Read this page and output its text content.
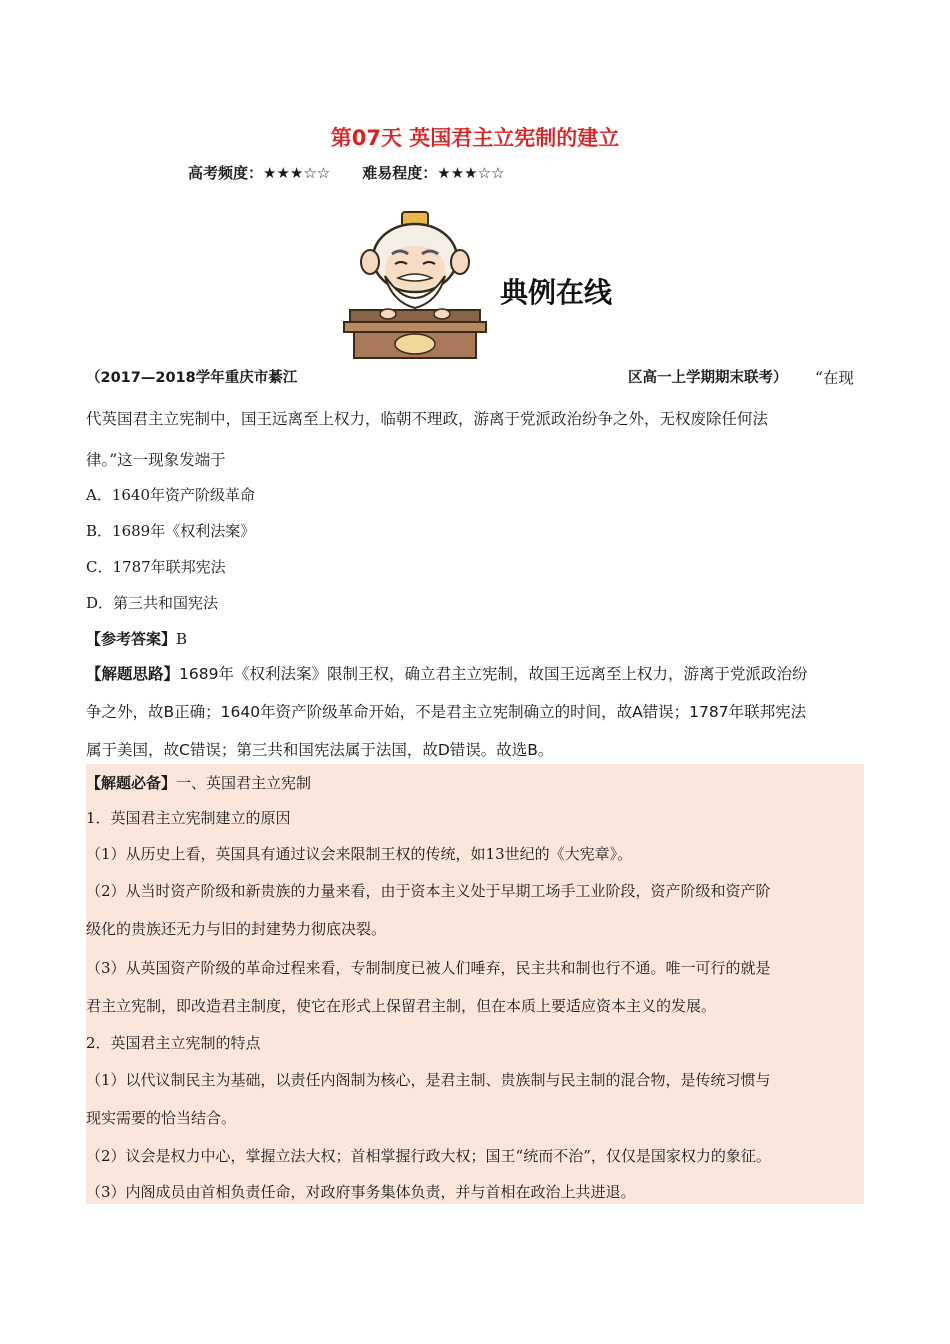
第07天 英国君主立宪制的建立
高考频度：★★★☆☆ 难易程度：★★★☆☆
典例在线
（2017—2018学年重庆市綦江	区高一上学期期末联考） “在现
代英国君主立宪制中，国王远离至上权力，临朝不理政，游离于党派政治纷争之外，无权废除任何法
律。”这一现象发端于
A．1640年资产阶级革命
B．1689年《权利法案》
C．1787年联邦宪法
D．第三共和国宪法
【参考答案】B
【解题思路】1689年《权利法案》限制王权，确立君主立宪制，故国王远离至上权力，游离于党派政治纷
争之外，故B正确；1640年资产阶级革命开始，不是君主立宪制确立的时间，故A错误；1787年联邦宪法
属于美国，故C错误；第三共和国宪法属于法国，故D错误。故选B。
【解题必备】一、英国君主立宪制
1．英国君主立宪制建立的原因
（1）从历史上看，英国具有通过议会来限制王权的传统，如13世纪的《大宪章》。
（2）从当时资产阶级和新贵族的力量来看，由于资本主义处于早期工场手工业阶段，资产阶级和资产阶
级化的贵族还无力与旧的封建势力彻底决裂。
（3）从英国资产阶级的革命过程来看，专制制度已被人们唾弃，民主共和制也行不通。唯一可行的就是
君主立宪制，即改造君主制度，使它在形式上保留君主制，但在本质上要适应资本主义的发展。
2．英国君主立宪制的特点
（1）以代议制民主为基础，以责任内阁制为核心，是君主制、贵族制与民主制的混合物，是传统习惯与
现实需要的恰当结合。
（2）议会是权力中心，掌握立法大权；首相掌握行政大权；国王“统而不治”，仅仅是国家权力的象征。
（3）内阁成员由首相负责任命，对政府事务集体负责，并与首相在政治上共进退。
